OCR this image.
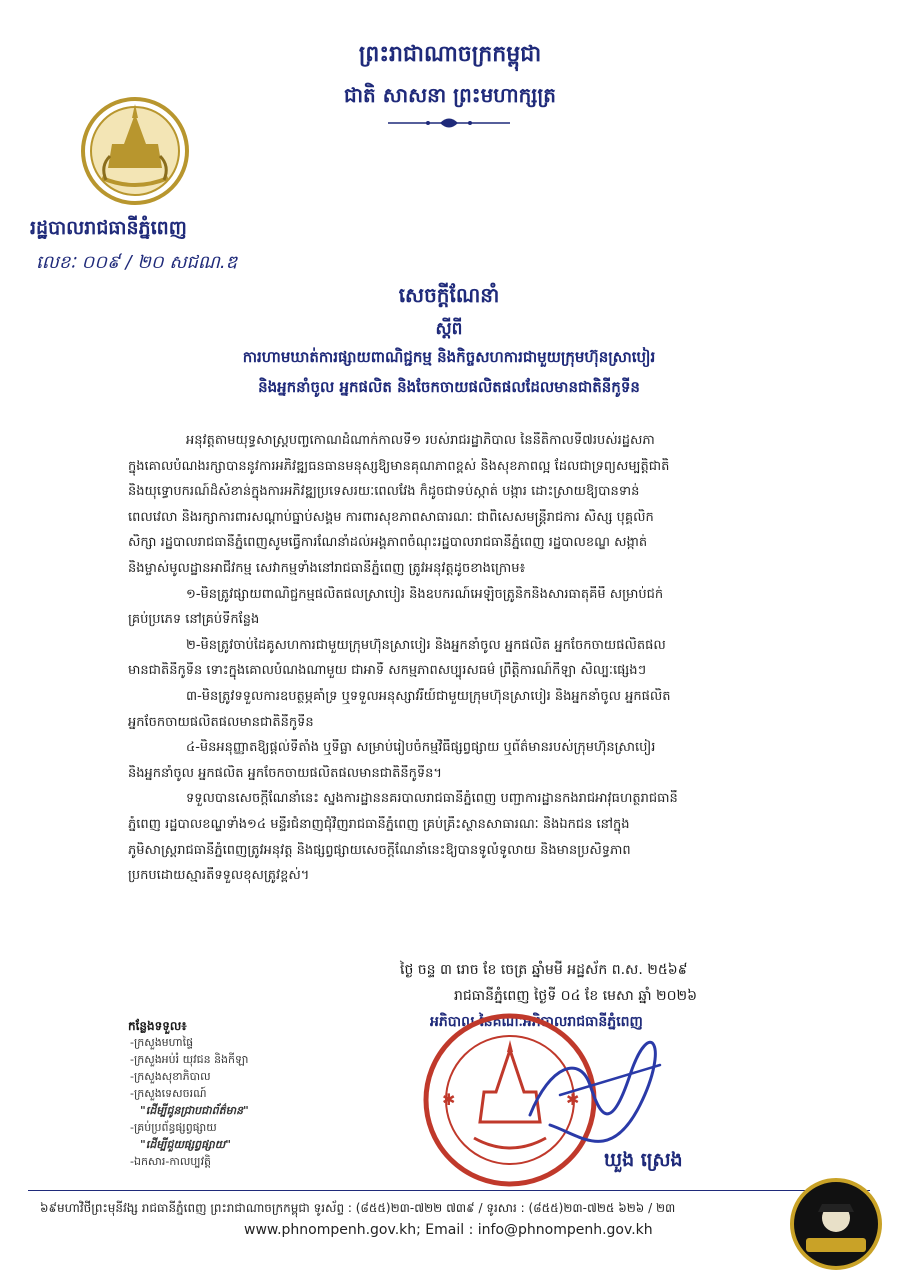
ព្រះរាជាណាចក្រកម្ពុជា
ជាតិ សាសនា ព្រះមហាក្សត្រ
រដ្ឋបាលរាជធានីភ្នំពេញ
លេខៈ ០០៩ / ២០ សជណ.ឌ
សេចក្ដីណែនាំ
ស្ដីពី
ការហាមឃាត់ការផ្សាយពាណិជ្ជកម្ម និងកិច្ចសហការជាមួយក្រុមហ៊ុនស្រាបៀរ
និងអ្នកនាំចូល អ្នកផលិត និងចែកចាយផលិតផលដែលមានជាតិនីកូទីន
អនុវត្តតាមយុទ្ធសាស្ត្របញ្ចកោណដំណាក់កាលទី១ របស់រាជរដ្ឋាភិបាល នៃនីតិកាលទី៧របស់រដ្ឋសភា
ក្នុងគោលបំណងរក្សាបាននូវការអភិវឌ្ឍធនធានមនុស្សឱ្យមានគុណភាពខ្ពស់ និងសុខភាពល្អ ដែលជាទ្រព្យសម្បត្តិជាតិ
និងយុទ្ធោបករណ៍ដ៏សំខាន់ក្នុងការអភិវឌ្ឍប្រទេសរយៈពេលវែង ក៏ដូចជាទប់ស្កាត់ បង្ការ ដោះស្រាយឱ្យបានទាន់
ពេលវេលា និងរក្សាការពារសណ្ដាប់ធ្នាប់សង្គម ការពារសុខភាពសាធារណៈ ជាពិសេសមន្ត្រីរាជការ សិស្ស បុគ្គលិក
សិក្សា រដ្ឋបាលរាជធានីភ្នំពេញសូមធ្វើការណែនាំដល់អង្គភាពចំណុះរដ្ឋបាលរាជធានីភ្នំពេញ រដ្ឋបាលខណ្ឌ សង្កាត់
និងម្ចាស់មូលដ្ឋានអាជីវកម្ម សេវាកម្មទាំងនៅរាជធានីភ្នំពេញ ត្រូវអនុវត្តដូចខាងក្រោម៖
១-មិនត្រូវផ្សាយពាណិជ្ជកម្មផលិតផលស្រាបៀរ និងឧបករណ៍អេឡិចត្រូនិកនិងសារធាតុគីមី សម្រាប់ជក់
គ្រប់ប្រភេទ នៅគ្រប់ទីកន្លែង
២-មិនត្រូវចាប់ដៃគូសហការជាមួយក្រុមហ៊ុនស្រាបៀរ និងអ្នកនាំចូល អ្នកផលិត អ្នកចែកចាយផលិតផល
មានជាតិនីកូទីន ទោះក្នុងគោលបំណងណាមួយ ជាអាទិ៍ សកម្មភាពសប្បុរសធម៌ ព្រឹត្តិការណ៍កីឡា សិល្បៈផ្សេងៗ
៣-មិនត្រូវទទួលការឧបត្ថម្ភគាំទ្រ ឬទទួលអនុស្សាវរីយ៍ជាមួយក្រុមហ៊ុនស្រាបៀរ និងអ្នកនាំចូល អ្នកផលិត
អ្នកចែកចាយផលិតផលមានជាតិនីកូទីន
៤-មិនអនុញ្ញាតឱ្យផ្តល់ទីតាំង ឬទីធ្លា សម្រាប់រៀបចំកម្មវិធីផ្សព្វផ្សាយ ឬព័ត៌មានរបស់ក្រុមហ៊ុនស្រាបៀរ
និងអ្នកនាំចូល អ្នកផលិត អ្នកចែកចាយផលិតផលមានជាតិនីកូទីន។
ទទួលបានសេចក្ដីណែនាំនេះ ស្នងការដ្ឋាននគរបាលរាជធានីភ្នំពេញ បញ្ជាការដ្ឋានកងរាជអាវុធហត្ថរាជធានី
ភ្នំពេញ រដ្ឋបាលខណ្ឌទាំង១៤ មន្ទីរជំនាញជុំវិញរាជធានីភ្នំពេញ គ្រប់គ្រឹះស្ថានសាធារណៈ និងឯកជន នៅក្នុង
ភូមិសាស្ត្ររាជធានីភ្នំពេញត្រូវអនុវត្ត និងផ្សព្វផ្សាយសេចក្ដីណែនាំនេះឱ្យបានទូលំទូលាយ និងមានប្រសិទ្ធភាព
ប្រកបដោយស្មារតីទទួលខុសត្រូវខ្ពស់។
ថ្ងៃ ចន្ទ ៣ រោច ខែ ចេត្រ ឆ្នាំមមី អដ្ឋស័ក ព.ស. ២៥៦៩
រាជធានីភ្នំពេញ ថ្ងៃទី ០៤ ខែ មេសា ឆ្នាំ ២០២៦
អភិបាល នៃគណៈអភិបាលរាជធានីភ្នំពេញ
កន្លែងទទួល៖
-ក្រសួងមហាផ្ទៃ
-ក្រសួងអប់រំ យុវជន និងកីឡា
-ក្រសួងសុខាភិបាល
-ក្រសួងទេសចរណ៍
"ដើម្បីជូនជ្រាបជាព័ត៌មាន"
-គ្រប់ប្រព័ន្ធផ្សព្វផ្សាយ
"ដើម្បីជួយផ្សព្វផ្សាយ"
-ឯកសារ-កាលប្បវត្តិ
✱	✱
ឃួង ស្រេង
៦៩មហាវិថីព្រះមុនីវង្ស រាជធានីភ្នំពេញ ព្រះរាជាណាចក្រកម្ពុជា ទូរស័ព្ទ : (៨៥៥)២៣-៧២២ ៧៣៩ / ទូរសារ : (៨៥៥)២៣-៧២៥ ៦២៦ / ២៣
www.phnompenh.gov.kh; Email : info@phnompenh.gov.kh
